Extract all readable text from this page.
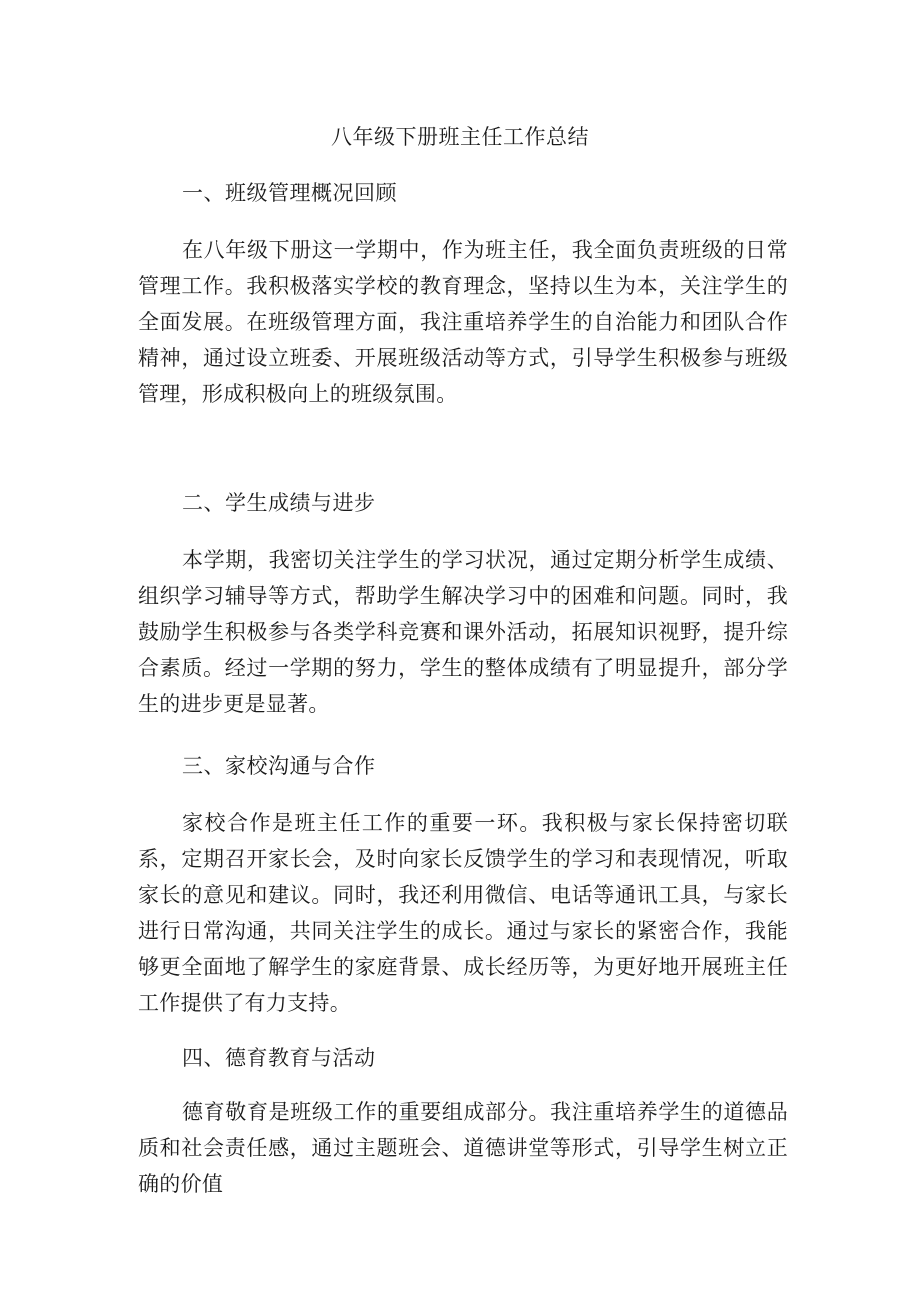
八年级下册班主任工作总结
一、班级管理概况回顾

在八年级下册这一学期中，作为班主任，我全面负责班级的日常管理工作。我积极落实学校的教育理念，坚持以生为本，关注学生的全面发展。在班级管理方面，我注重培养学生的自治能力和团队合作精神，通过设立班委、开展班级活动等方式，引导学生积极参与班级管理，形成积极向上的班级氛围。

二、学生成绩与进步

本学期，我密切关注学生的学习状况，通过定期分析学生成绩、组织学习辅导等方式，帮助学生解决学习中的困难和问题。同时，我鼓励学生积极参与各类学科竞赛和课外活动，拓展知识视野，提升综合素质。经过一学期的努力，学生的整体成绩有了明显提升，部分学生的进步更是显著。

三、家校沟通与合作

家校合作是班主任工作的重要一环。我积极与家长保持密切联系，定期召开家长会，及时向家长反馈学生的学习和表现情况，听取家长的意见和建议。同时，我还利用微信、电话等通讯工具，与家长进行日常沟通，共同关注学生的成长。通过与家长的紧密合作，我能够更全面地了解学生的家庭背景、成长经历等，为更好地开展班主任工作提供了有力支持。

四、德育教育与活动

德育敬育是班级工作的重要组成部分。我注重培养学生的道德品质和社会责任感，通过主题班会、道德讲堂等形式，引导学生树立正确的价值
